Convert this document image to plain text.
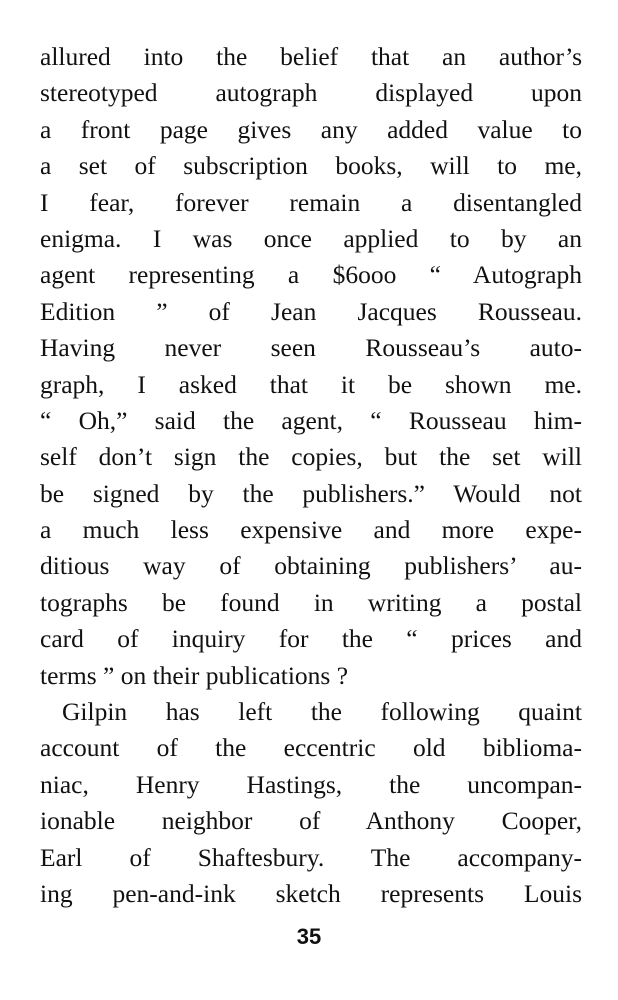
allured into the belief that an author’s
stereotyped autograph displayed upon
a front page gives any added value to
a set of subscription books, will to me,
I fear, forever remain a disentangled
enigma. I was once applied to by an
agent representing a $6ooo “ Autograph
Edition ” of Jean Jacques Rousseau.
Having never seen Rousseau’s auto-
graph, I asked that it be shown me.
“ Oh,” said the agent, “ Rousseau him-
self don’t sign the copies, but the set will
be signed by the publishers.” Would not
a much less expensive and more expe-
ditious way of obtaining publishers’ au-
tographs be found in writing a postal
card of inquiry for the “ prices and
terms ” on their publications ?
Gilpin has left the following quaint
account of the eccentric old biblioma-
niac, Henry Hastings, the uncompan-
ionable neighbor of Anthony Cooper,
Earl of Shaftesbury. The accompany-
ing pen-and-ink sketch represents Louis
35
